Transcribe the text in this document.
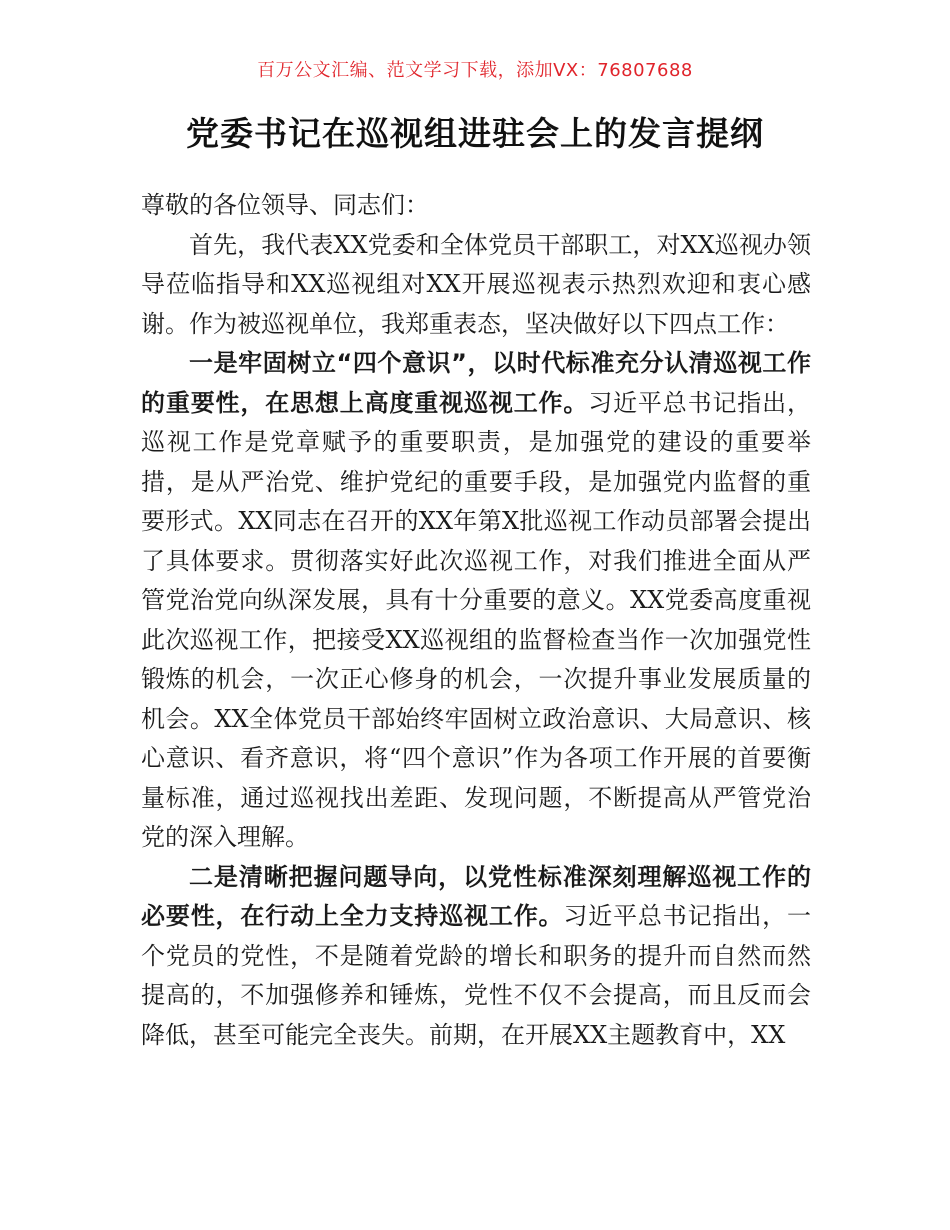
百万公文汇编、范文学习下载，添加VX：76807688
党委书记在巡视组进驻会上的发言提纲

尊敬的各位领导、同志们：

首先，我代表XX党委和全体党员干部职工，对XX巡视办领导莅临指导和XX巡视组对XX开展巡视表示热烈欢迎和衷心感谢。作为被巡视单位，我郑重表态，坚决做好以下四点工作：

一是牢固树立“四个意识”，以时代标准充分认清巡视工作的重要性，在思想上高度重视巡视工作。习近平总书记指出，巡视工作是党章赋予的重要职责，是加强党的建设的重要举措，是从严治党、维护党纪的重要手段，是加强党内监督的重要形式。XX同志在召开的XX年第X批巡视工作动员部署会提出了具体要求。贯彻落实好此次巡视工作，对我们推进全面从严管党治党向纵深发展，具有十分重要的意义。XX党委高度重视此次巡视工作，把接受XX巡视组的监督检查当作一次加强党性锻炼的机会，一次正心修身的机会，一次提升事业发展质量的机会。XX全体党员干部始终牢固树立政治意识、大局意识、核心意识、看齐意识，将“四个意识”作为各项工作开展的首要衡量标准，通过巡视找出差距、发现问题，不断提高从严管党治党的深入理解。

二是清晰把握问题导向，以党性标准深刻理解巡视工作的必要性，在行动上全力支持巡视工作。习近平总书记指出，一个党员的党性，不是随着党龄的增长和职务的提升而自然而然提高的，不加强修养和锤炼，党性不仅不会提高，而且反而会降低，甚至可能完全丧失。前期，在开展XX主题教育中，XX
